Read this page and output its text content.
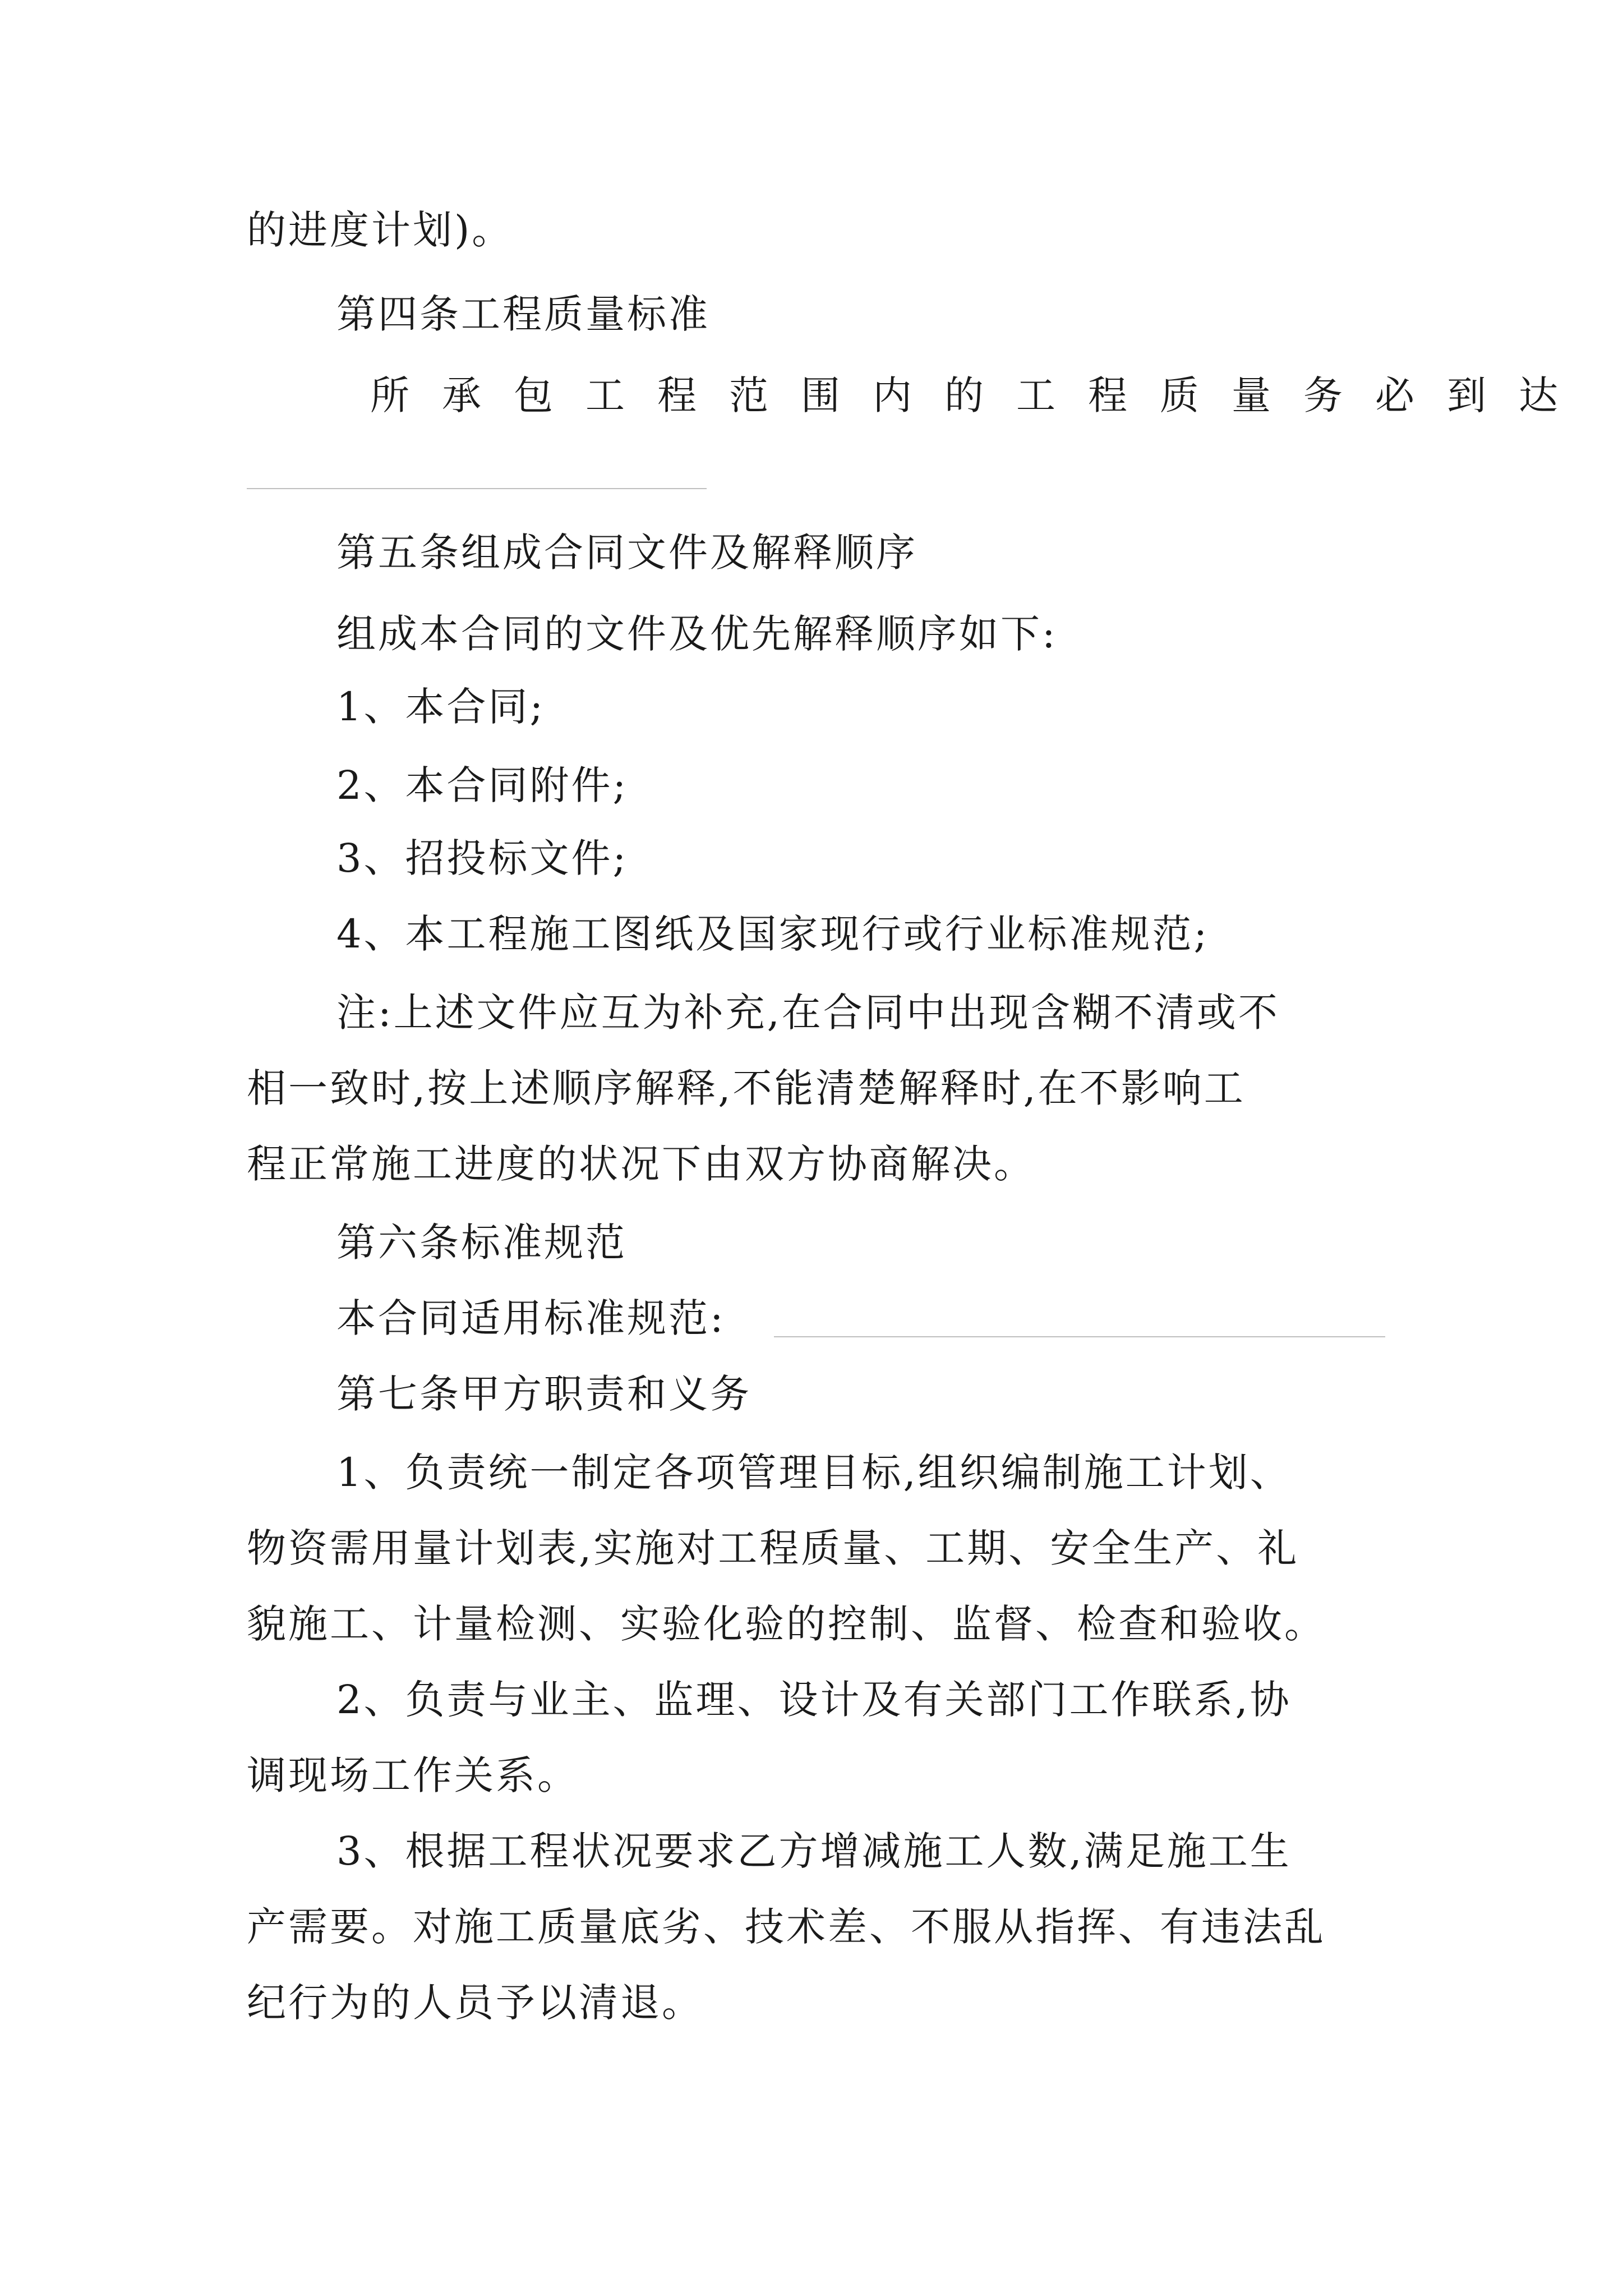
的进度计划)。
第四条工程质量标准
所承包工程范围内的工程质量务必到达
第五条组成合同文件及解释顺序
组成本合同的文件及优先解释顺序如下:
1、本合同;
2、本合同附件;
3、招投标文件;
4、本工程施工图纸及国家现行或行业标准规范;
注:上述文件应互为补充,在合同中出现含糊不清或不
相一致时,按上述顺序解释,不能清楚解释时,在不影响工
程正常施工进度的状况下由双方协商解决。
第六条标准规范
本合同适用标准规范:
第七条甲方职责和义务
1、负责统一制定各项管理目标,组织编制施工计划、
物资需用量计划表,实施对工程质量、工期、安全生产、礼
貌施工、计量检测、实验化验的控制、监督、检查和验收。
2、负责与业主、监理、设计及有关部门工作联系,协
调现场工作关系。
3、根据工程状况要求乙方增减施工人数,满足施工生
产需要。对施工质量底劣、技术差、不服从指挥、有违法乱
纪行为的人员予以清退。
